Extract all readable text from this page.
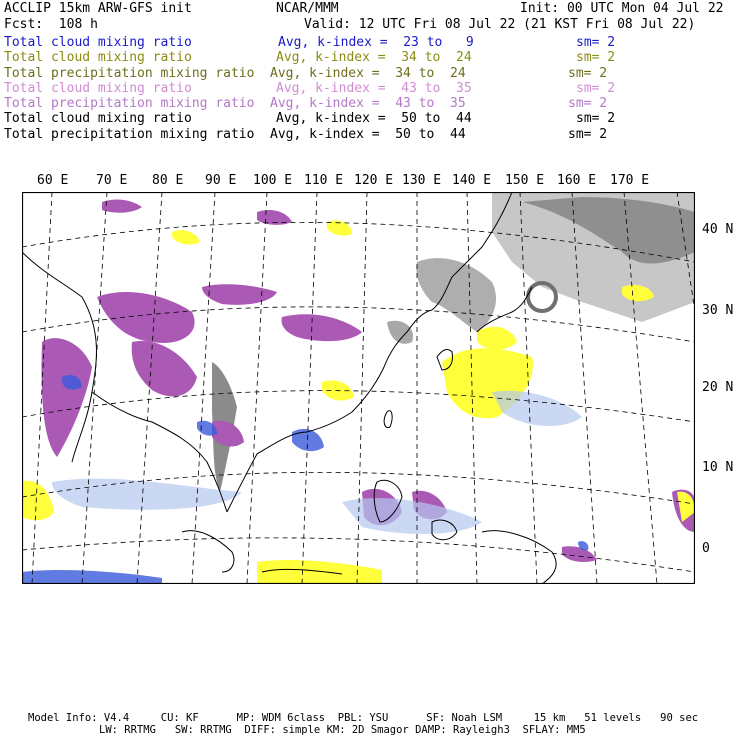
ACCLIP 15km ARW-GFS init	NCAR/MMM	Init: 00 UTC Mon 04 Jul 22
Fcst:  108 h	Valid: 12 UTC Fri 08 Jul 22 (21 KST Fri 08 Jul 22)
Total cloud mixing ratio	Avg, k-index =  23 to   9	sm= 2
Total cloud mixing ratio	Avg, k-index =  34 to  24	sm= 2
Total precipitation mixing ratio Avg, k-index =  34 to  24	sm= 2
Total cloud mixing ratio	Avg, k-index =  43 to  35	sm= 2
Total precipitation mixing ratio Avg, k-index =  43 to  35	sm= 2
Total cloud mixing ratio	Avg, k-index =  50 to  44	sm= 2
Total precipitation mixing ratio Avg, k-index =  50 to  44	sm= 2
60 E 70 E 80 E 90 E 100 E 110 E 120 E 130 E 140 E 150 E 160 E 170 E
40 N
30 N
20 N
10 N
0
Model Info: V4.4     CU: KF      MP: WDM 6class  PBL: YSU      SF: Noah LSM     15 km   51 levels   90 sec
LW: RRTMG   SW: RRTMG  DIFF: simple KM: 2D Smagor DAMP: Rayleigh3  SFLAY: MM5
